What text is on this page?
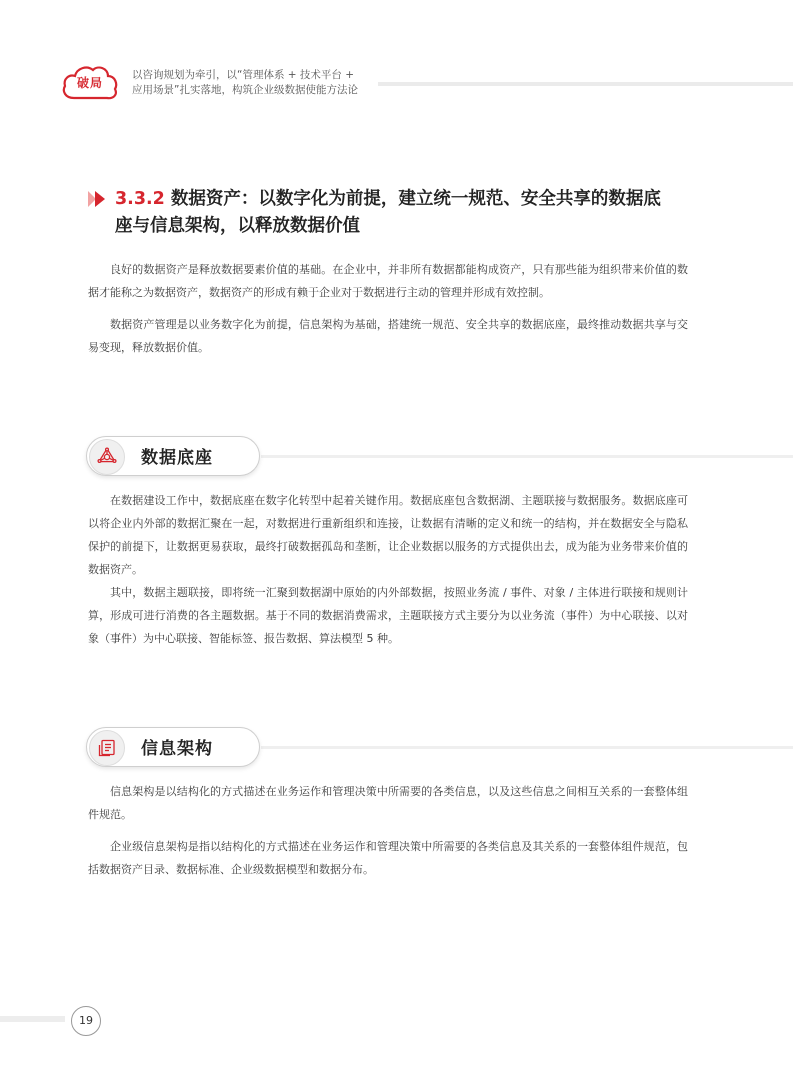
破局
以咨询规划为牵引，以“管理体系 + 技术平台 +
应用场景”扎实落地，构筑企业级数据使能方法论
3.3.2 数据资产：以数字化为前提，建立统一规范、安全共享的数据底
座与信息架构，以释放数据价值

良好的数据资产是释放数据要素价值的基础。在企业中，并非所有数据都能构成资产，只有那些能为组织带来价值的数据才能称之为数据资产，数据资产的形成有赖于企业对于数据进行主动的管理并形成有效控制。

数据资产管理是以业务数字化为前提，信息架构为基础，搭建统一规范、安全共享的数据底座，最终推动数据共享与交易变现，释放数据价值。

数据底座

在数据建设工作中，数据底座在数字化转型中起着关键作用。数据底座包含数据湖、主题联接与数据服务。数据底座可以将企业内外部的数据汇聚在一起，对数据进行重新组织和连接，让数据有清晰的定义和统一的结构，并在数据安全与隐私保护的前提下，让数据更易获取，最终打破数据孤岛和垄断，让企业数据以服务的方式提供出去，成为能为业务带来价值的数据资产。

其中，数据主题联接，即将统一汇聚到数据湖中原始的内外部数据，按照业务流 / 事件、对象 / 主体进行联接和规则计算，形成可进行消费的各主题数据。基于不同的数据消费需求，主题联接方式主要分为以业务流（事件）为中心联接、以对象（事件）为中心联接、智能标签、报告数据、算法模型 5 种。

信息架构

信息架构是以结构化的方式描述在业务运作和管理决策中所需要的各类信息，以及这些信息之间相互关系的一套整体组件规范。

企业级信息架构是指以结构化的方式描述在业务运作和管理决策中所需要的各类信息及其关系的一套整体组件规范，包括数据资产目录、数据标准、企业级数据模型和数据分布。

19
